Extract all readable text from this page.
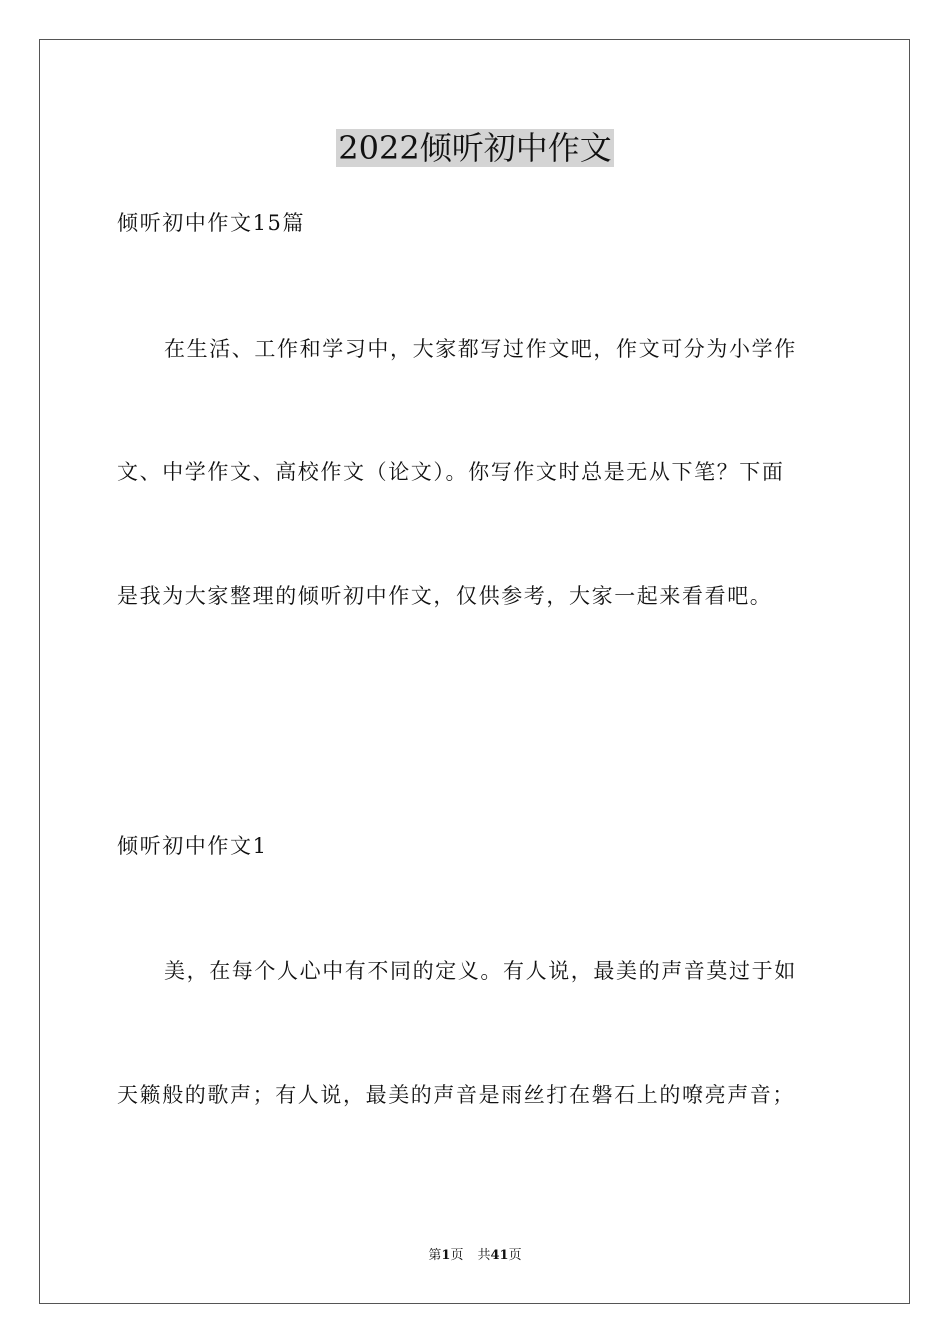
2022倾听初中作文
倾听初中作文15篇
在生活、工作和学习中，大家都写过作文吧，作文可分为小学作
文、中学作文、高校作文（论文）。你写作文时总是无从下笔？下面
是我为大家整理的倾听初中作文，仅供参考，大家一起来看看吧。
倾听初中作文1
美，在每个人心中有不同的定义。有人说，最美的声音莫过于如
天籁般的歌声；有人说，最美的声音是雨丝打在磐石上的嘹亮声音；
第1页 共41页
